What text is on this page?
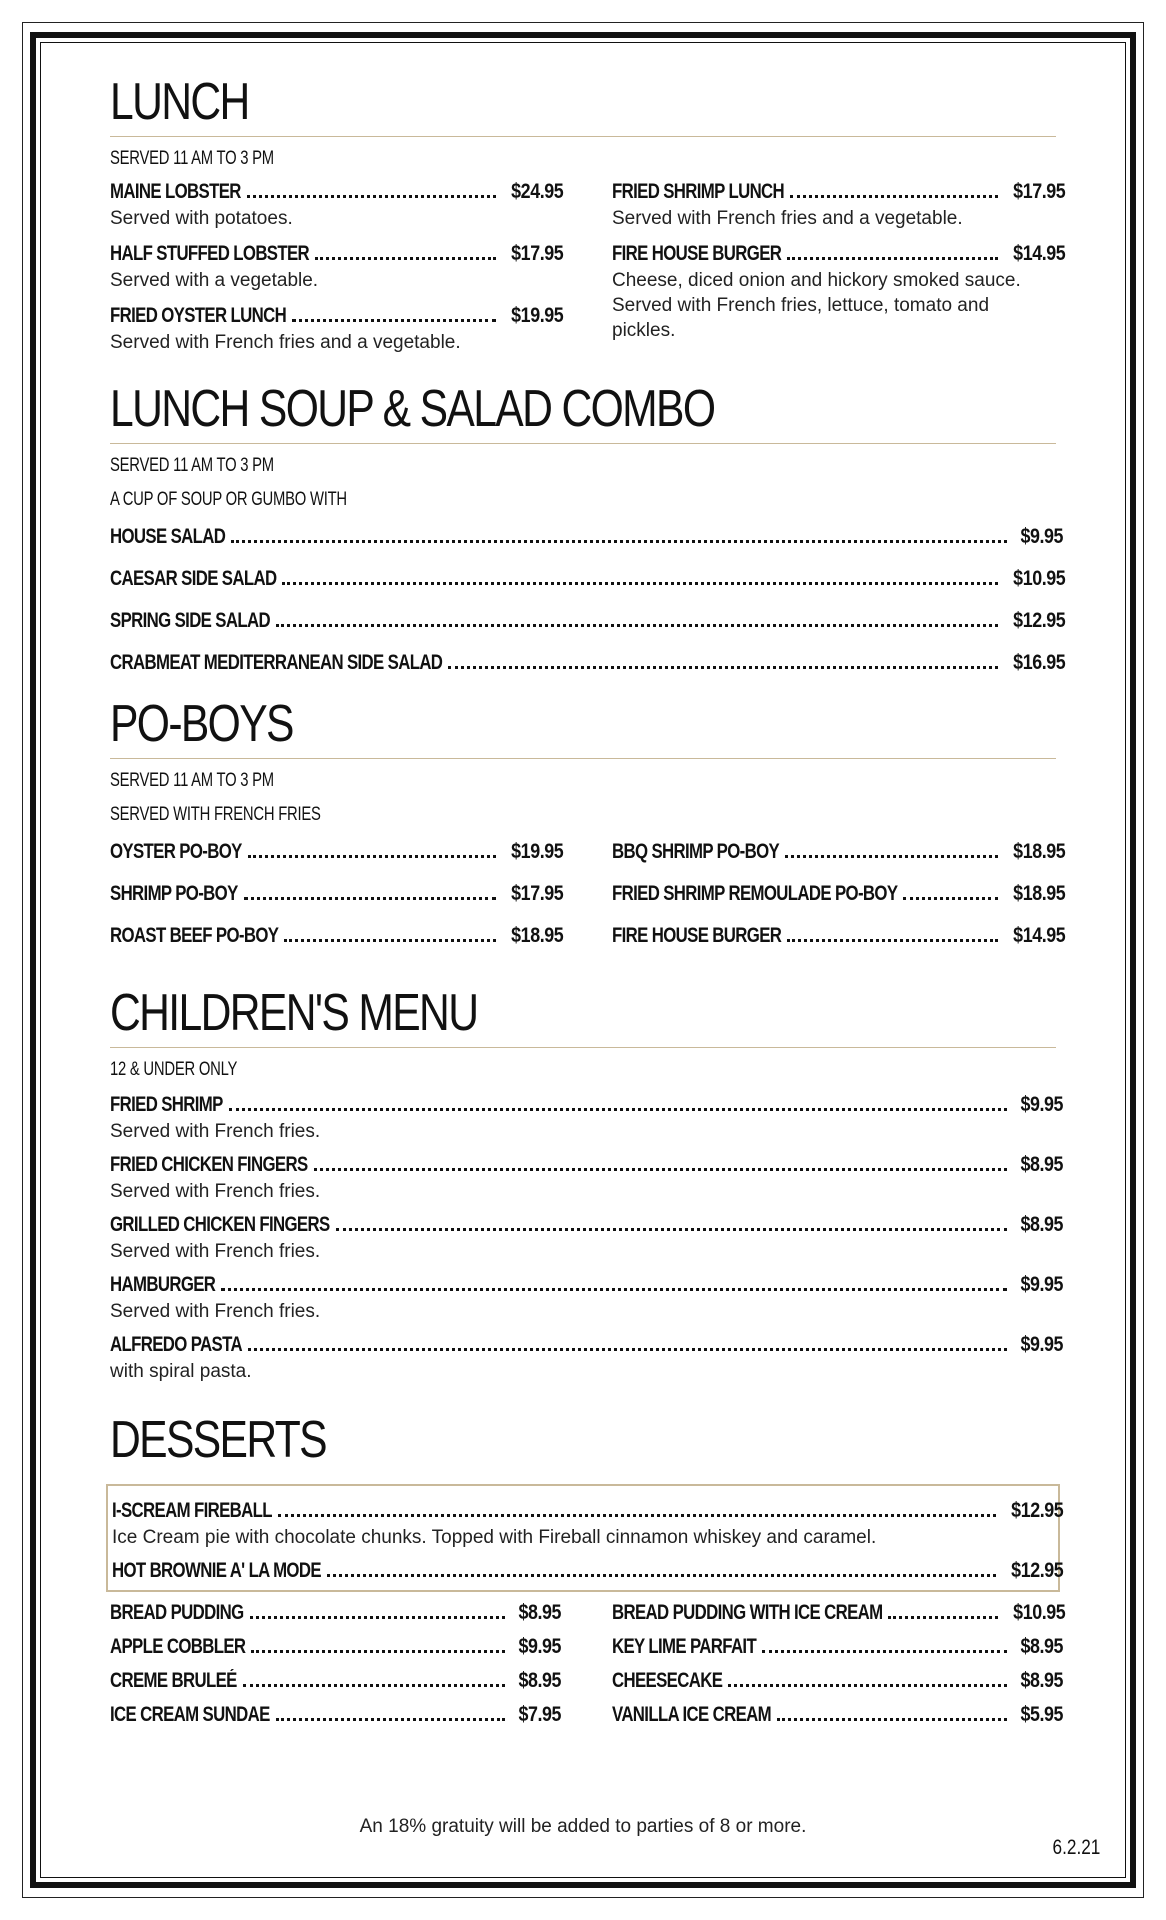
LUNCH
SERVED 11 AM TO 3 PM
MAINE LOBSTER	$24.95
Served with potatoes.
HALF STUFFED LOBSTER	$17.95
Served with a vegetable.
FRIED OYSTER LUNCH	$19.95
Served with French fries and a vegetable.
FRIED SHRIMP LUNCH	$17.95
Served with French fries and a vegetable.
FIRE HOUSE BURGER	$14.95
Cheese, diced onion and hickory smoked sauce. Served with French fries, lettuce, tomato and pickles.
LUNCH SOUP & SALAD COMBO
SERVED 11 AM TO 3 PM
A CUP OF SOUP OR GUMBO WITH
HOUSE SALAD	$9.95
CAESAR SIDE SALAD	$10.95
SPRING SIDE SALAD	$12.95
CRABMEAT MEDITERRANEAN SIDE SALAD	$16.95
PO-BOYS
SERVED 11 AM TO 3 PM
SERVED WITH FRENCH FRIES
OYSTER PO-BOY	$19.95
SHRIMP PO-BOY	$17.95
ROAST BEEF PO-BOY	$18.95
BBQ SHRIMP PO-BOY	$18.95
FRIED SHRIMP REMOULADE PO-BOY	$18.95
FIRE HOUSE BURGER	$14.95
CHILDREN'S MENU
12 & UNDER ONLY
FRIED SHRIMP	$9.95
Served with French fries.
FRIED CHICKEN FINGERS	$8.95
Served with French fries.
GRILLED CHICKEN FINGERS	$8.95
Served with French fries.
HAMBURGER	$9.95
Served with French fries.
ALFREDO PASTA	$9.95
with spiral pasta.
DESSERTS
I-SCREAM FIREBALL	$12.95
Ice Cream pie with chocolate chunks. Topped with Fireball cinnamon whiskey and caramel.
HOT BROWNIE A' LA MODE	$12.95
BREAD PUDDING	$8.95
APPLE COBBLER	$9.95
CREME BRULEÉ	$8.95
ICE CREAM SUNDAE	$7.95
BREAD PUDDING WITH ICE CREAM	$10.95
KEY LIME PARFAIT	$8.95
CHEESECAKE	$8.95
VANILLA ICE CREAM	$5.95
An 18% gratuity will be added to parties of 8 or more.
6.2.21
